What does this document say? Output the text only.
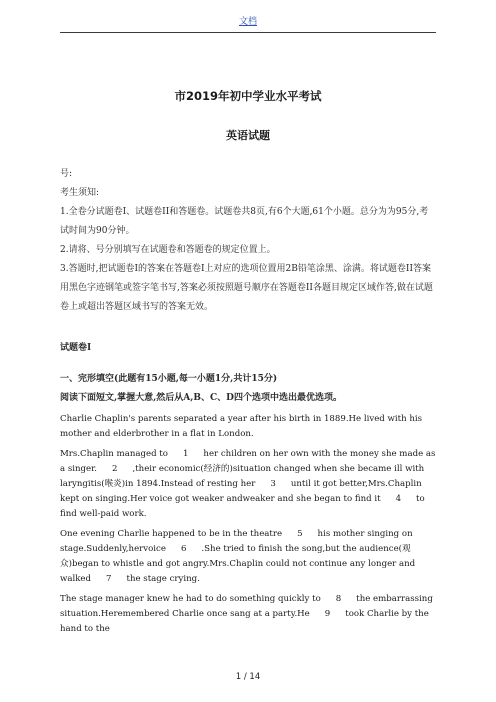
文档
市2019年初中学业水平考试
英语试题

号:

考生须知:

1.全卷分试题卷I、试题卷II和答题卷。试题卷共8页,有6个大题,61个小题。总分为为95分,考试时间为90分钟。

2.请将、号分别填写在试题卷和答题卷的规定位置上。

3.答题时,把试题卷I的答案在答题卷I上对应的选项位置用2B铅笔涂黑、涂满。将试题卷II答案用黑色字迹钢笔或签字笔书写,答案必须按照题号顺序在答题卷II各题目规定区域作答,做在试题卷上或超出答题区域书写的答案无效。

试题卷I

一、完形填空(此题有15小题,每一小题1分,共计15分)

阅读下面短文,掌握大意,然后从A,B、C、D四个选项中选出最优选项。

Charlie Chaplin's parents separated a year after his birth in 1889.He lived with his mother and elderbrother in a flat in London.

Mrs.Chaplin managed to 1 her children on her own with the money she made as a singer. 2 ,their economic(经济的)situation changed when she became ill with laryngitis(喉炎)in 1894.Instead of resting her 3 until it got better,Mrs.Chaplin kept on singing.Her voice got weaker andweaker and she began to find it 4 to find well-paid work.

One evening Charlie happened to be in the theatre 5 his mother singing on stage.Suddenly,hervoice 6 .She tried to finish the song,but the audience(观众)began to whistle and got angry.Mrs.Chaplin could not continue any longer and walked 7 the stage crying.

The stage manager knew he had to do something quickly to 8 the embarrassing situation.Heremembered Charlie once sang at a party.He 9 took Charlie by the hand to the

1 / 14
